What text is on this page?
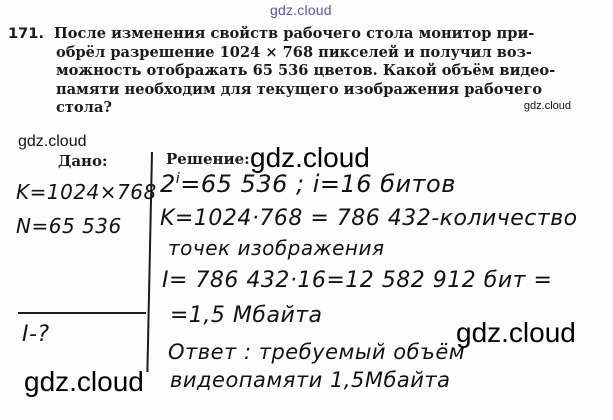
gdz.cloud
gdz.cloud
gdz.cloud
gdz.cloud
gdz.cloud
gdz.cloud
171. После изменения свойств рабочего стола монитор при-
обрёл разрешение 1024 × 768 пикселей и получил воз-
можность отображать 65 536 цветов. Какой объём видео-
памяти необходим для текущего изображения рабочего
стола?
Дано:	Решение:
K=1024×768
N=65 536
I-?
$2^i=65$ 536 ; i=16 битов
K=1024·768 = 786 432-количество
точек изображения
I= 786 432·16=12 582 912 бит =
=1,5 Мбайта
Ответ : требуемый объём
видеопамяти 1,5Мбайта
